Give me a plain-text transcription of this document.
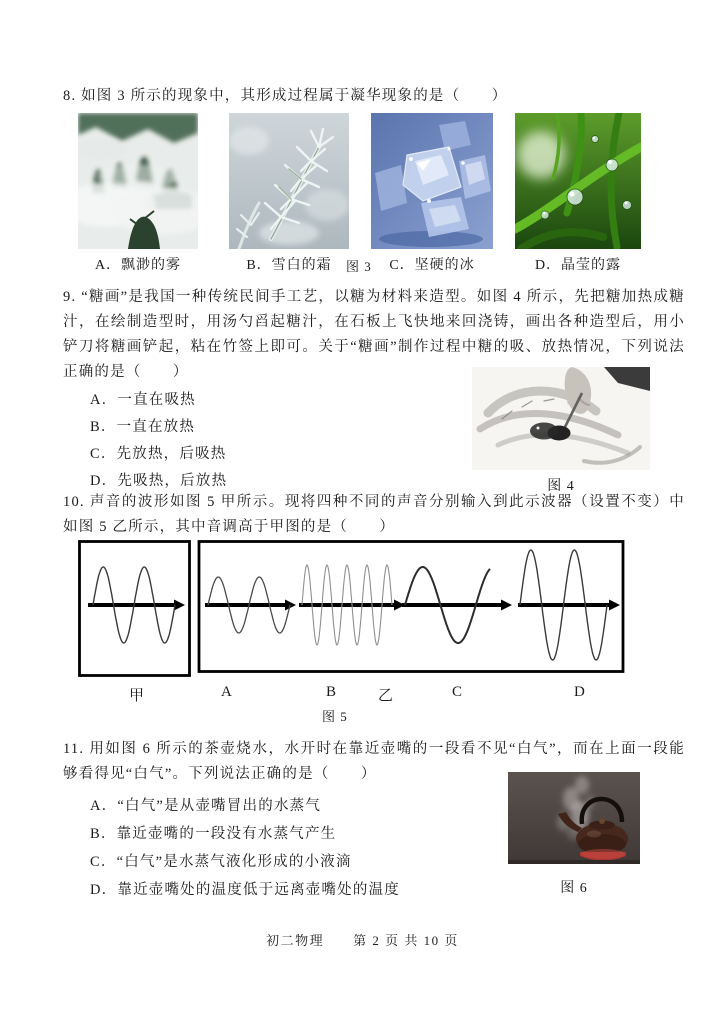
8. 如图 3 所示的现象中，其形成过程属于凝华现象的是（　　）

A．飘渺的雾	B．雪白的霜	C．坚硬的冰	D．晶莹的露
图 3

9. “糖画”是我国一种传统民间手工艺，以糖为材料来造型。如图 4 所示，先把糖加热成糖汁，在绘制造型时，用汤勺舀起糖汁，在石板上飞快地来回浇铸，画出各种造型后，用小铲刀将糖画铲起，粘在竹签上即可。关于“糖画”制作过程中糖的吸、放热情况，下列说法正确的是（　　）

A．一直在吸热
B．一直在放热
C．先放热，后吸热
D．先吸热，后放热	图 4

10. 声音的波形如图 5 甲所示。现将四种不同的声音分别输入到此示波器（设置不变）中如图 5 乙所示，其中音调高于甲图的是（　　）

甲	A	B	乙	C	D
图 5

11. 用如图 6 所示的茶壶烧水，水开时在靠近壶嘴的一段看不见“白气”，而在上面一段能够看得见“白气”。下列说法正确的是（　　）

A．“白气”是从壶嘴冒出的水蒸气
B．靠近壶嘴的一段没有水蒸气产生
C．“白气”是水蒸气液化形成的小液滴
D．靠近壶嘴处的温度低于远离壶嘴处的温度	图 6
初二物理　　第 2 页 共 10 页
